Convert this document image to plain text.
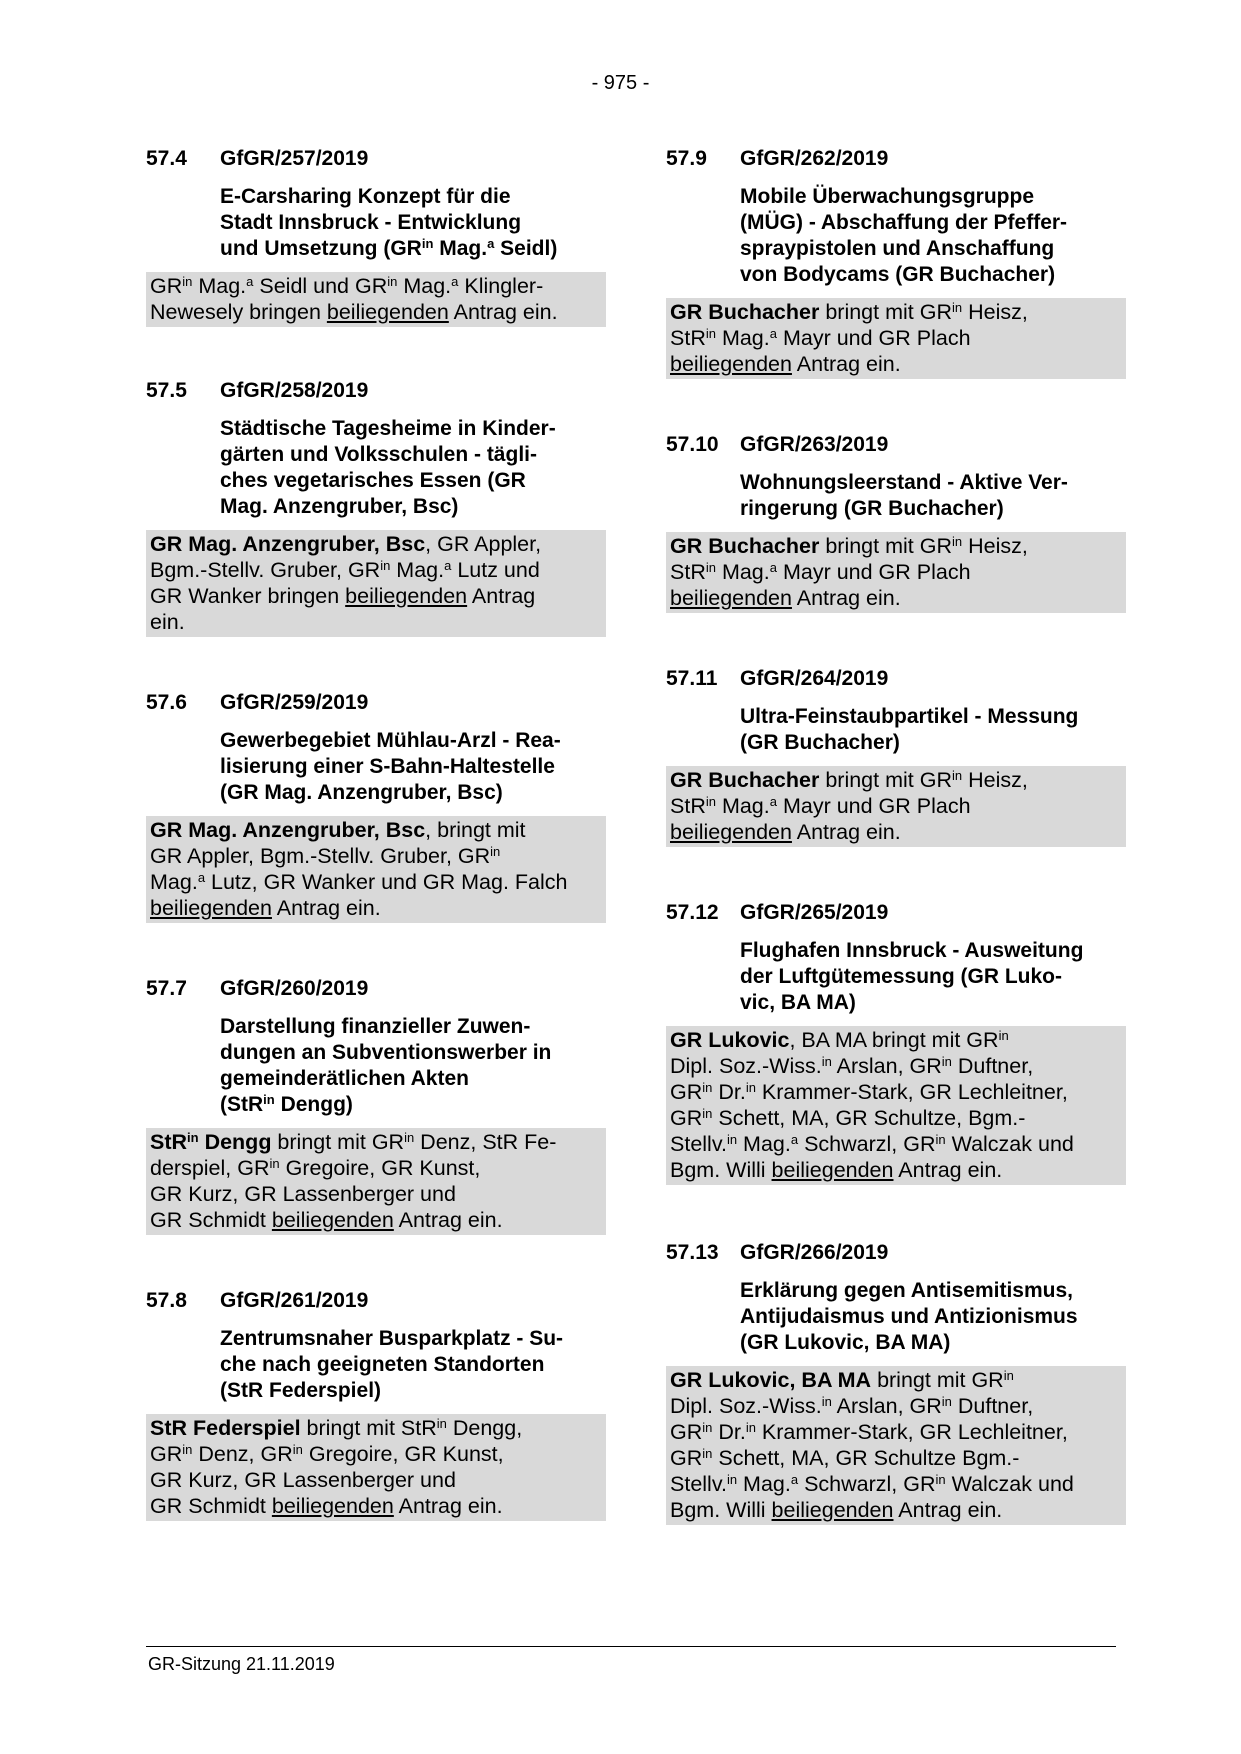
- 975 -
57.4	GfGR/257/2019
E-Carsharing Konzept für die
Stadt Innsbruck - Entwicklung
und Umsetzung ($GR^{in}$ Mag.$^a$ Seidl)
$GR^{in}$ Mag.$^a$ Seidl und $GR^{in}$ Mag.$^a$ Klingler-
Newesely bringen beiliegenden Antrag ein.
57.5	GfGR/258/2019
Städtische Tagesheime in Kinder-
gärten und Volksschulen - tägli-
ches vegetarisches Essen (GR
Mag. Anzengruber, Bsc)
GR Mag. Anzengruber, Bsc, GR Appler,
Bgm.-Stellv. Gruber, $GR^{in}$ Mag.$^a$ Lutz und
GR Wanker bringen beiliegenden Antrag
ein.
57.6	GfGR/259/2019
Gewerbegebiet Mühlau-Arzl - Rea-
lisierung einer S-Bahn-Haltestelle
(GR Mag. Anzengruber, Bsc)
GR Mag. Anzengruber, Bsc, bringt mit
GR Appler, Bgm.-Stellv. Gruber, $GR^{in}$
Mag.$^a$ Lutz, GR Wanker und GR Mag. Falch
beiliegenden Antrag ein.
57.7	GfGR/260/2019
Darstellung finanzieller Zuwen-
dungen an Subventionswerber in
gemeinderätlichen Akten
(StR$^{in}$ Dengg)
StR$^{in}$ Dengg bringt mit $GR^{in}$ Denz, StR Fe-
derspiel, $GR^{in}$ Gregoire, GR Kunst,
GR Kurz, GR Lassenberger und
GR Schmidt beiliegenden Antrag ein.
57.8	GfGR/261/2019
Zentrumsnaher Busparkplatz - Su-
che nach geeigneten Standorten
(StR Federspiel)
StR Federspiel bringt mit StR$^{in}$ Dengg,
$GR^{in}$ Denz, $GR^{in}$ Gregoire, GR Kunst,
GR Kurz, GR Lassenberger und
GR Schmidt beiliegenden Antrag ein.
57.9	GfGR/262/2019
Mobile Überwachungsgruppe
(MÜG) - Abschaffung der Pfeffer-
spraypistolen und Anschaffung
von Bodycams (GR Buchacher)
GR Buchacher bringt mit $GR^{in}$ Heisz,
StR$^{in}$ Mag.$^a$ Mayr und GR Plach
beiliegenden Antrag ein.
57.10	GfGR/263/2019
Wohnungsleerstand - Aktive Ver-
ringerung (GR Buchacher)
GR Buchacher bringt mit $GR^{in}$ Heisz,
StR$^{in}$ Mag.$^a$ Mayr und GR Plach
beiliegenden Antrag ein.
57.11	GfGR/264/2019
Ultra-Feinstaubpartikel - Messung
(GR Buchacher)
GR Buchacher bringt mit $GR^{in}$ Heisz,
StR$^{in}$ Mag.$^a$ Mayr und GR Plach
beiliegenden Antrag ein.
57.12	GfGR/265/2019
Flughafen Innsbruck - Ausweitung
der Luftgütemessung (GR Luko-
vic, BA MA)
GR Lukovic, BA MA bringt mit $GR^{in}$
Dipl. Soz.-Wiss.$^{in}$ Arslan, $GR^{in}$ Duftner,
$GR^{in}$ Dr.$^{in}$ Krammer-Stark, GR Lechleitner,
$GR^{in}$ Schett, MA, GR Schultze, Bgm.-
Stellv.$^{in}$ Mag.$^a$ Schwarzl, $GR^{in}$ Walczak und
Bgm. Willi beiliegenden Antrag ein.
57.13	GfGR/266/2019
Erklärung gegen Antisemitismus,
Antijudaismus und Antizionismus
(GR Lukovic, BA MA)
GR Lukovic, BA MA bringt mit $GR^{in}$
Dipl. Soz.-Wiss.$^{in}$ Arslan, $GR^{in}$ Duftner,
$GR^{in}$ Dr.$^{in}$ Krammer-Stark, GR Lechleitner,
$GR^{in}$ Schett, MA, GR Schultze Bgm.-
Stellv.$^{in}$ Mag.$^a$ Schwarzl, $GR^{in}$ Walczak und
Bgm. Willi beiliegenden Antrag ein.
GR-Sitzung 21.11.2019
